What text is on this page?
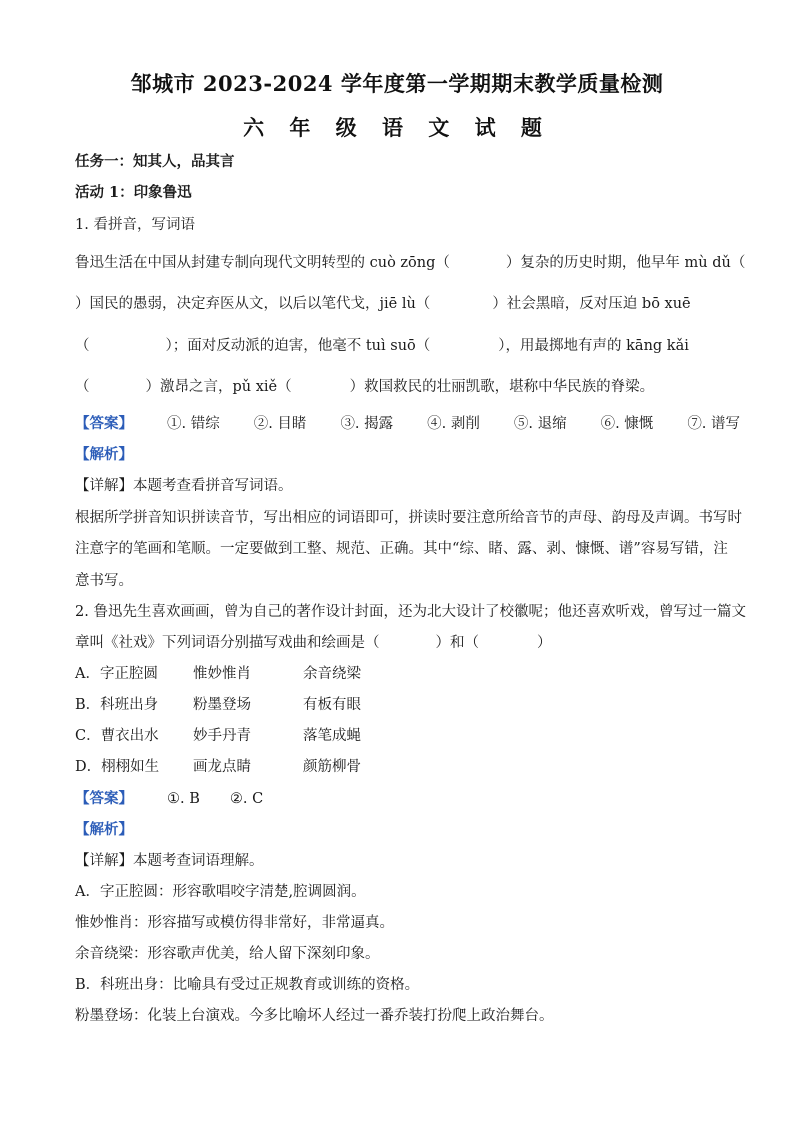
邹城市 2023-2024 学年度第一学期期末教学质量检测
六 年 级 语 文 试 题
任务一：知其人，品其言
活动 1：印象鲁迅
1. 看拼音，写词语
鲁迅生活在中国从封建专制向现代文明转型的 cuò zōng（	）复杂的历史时期，他早年 mù dǔ（
）国民的愚弱，决定弃医从文，以后以笔代戈，jiē lù（	）社会黑暗，反对压迫 bō xuē
（	）；面对反动派的迫害，他毫不 tuì suō（	），用最掷地有声的 kāng kǎi
（	）激昂之言，pǔ xiě（	）救国救民的壮丽凯歌，堪称中华民族的脊梁。
【答案】 ①. 错综 ②. 目睹 ③. 揭露 ④. 剥削 ⑤. 退缩 ⑥. 慷慨 ⑦. 谱写
【解析】
【详解】本题考查看拼音写词语。
根据所学拼音知识拼读音节，写出相应的词语即可，拼读时要注意所给音节的声母、韵母及声调。书写时
注意字的笔画和笔顺。一定要做到工整、规范、正确。其中“综、睹、露、剥、慷慨、谱”容易写错，注
意书写。
2. 鲁迅先生喜欢画画，曾为自己的著作设计封面，还为北大设计了校徽呢；他还喜欢听戏，曾写过一篇文
章叫《社戏》下列词语分别描写戏曲和绘画是（	）和（	）
A．字正腔圆 惟妙惟肖	余音绕梁
B．科班出身 粉墨登场	有板有眼
C．曹衣出水 妙手丹青	落笔成蝇
D．栩栩如生 画龙点睛	颜筋柳骨
【答案】 ①. B ②. C
【解析】
【详解】本题考查词语理解。
A．字正腔圆：形容歌唱咬字清楚,腔调圆润。
惟妙惟肖：形容描写或模仿得非常好，非常逼真。
余音绕梁：形容歌声优美，给人留下深刻印象。
B．科班出身：比喻具有受过正规教育或训练的资格。
粉墨登场：化装上台演戏。今多比喻坏人经过一番乔装打扮爬上政治舞台。
